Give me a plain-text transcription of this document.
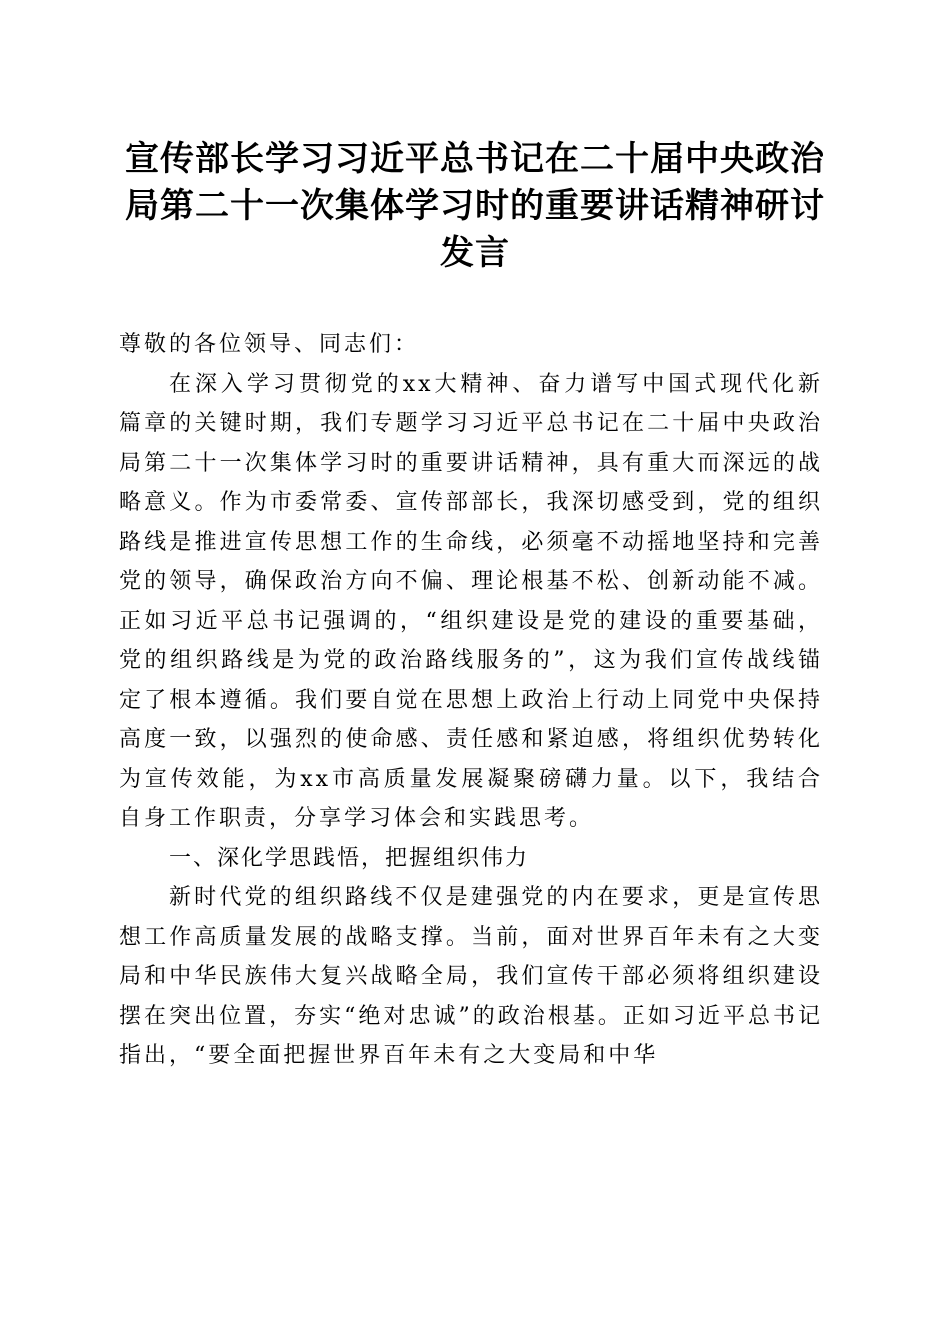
宣传部长学习习近平总书记在二十届中央政治
局第二十一次集体学习时的重要讲话精神研讨
发言

尊敬的各位领导、同志们：

在深入学习贯彻党的xx大精神、奋力谱写中国式现代化新篇章的关键时期，我们专题学习习近平总书记在二十届中央政治局第二十一次集体学习时的重要讲话精神，具有重大而深远的战略意义。作为市委常委、宣传部部长，我深切感受到，党的组织路线是推进宣传思想工作的生命线，必须毫不动摇地坚持和完善党的领导，确保政治方向不偏、理论根基不松、创新动能不减。正如习近平总书记强调的，“组织建设是党的建设的重要基础，党的组织路线是为党的政治路线服务的”，这为我们宣传战线锚定了根本遵循。我们要自觉在思想上政治上行动上同党中央保持高度一致，以强烈的使命感、责任感和紧迫感，将组织优势转化为宣传效能，为xx市高质量发展凝聚磅礴力量。以下，我结合自身工作职责，分享学习体会和实践思考。

一、深化学思践悟，把握组织伟力

新时代党的组织路线不仅是建强党的内在要求，更是宣传思想工作高质量发展的战略支撑。当前，面对世界百年未有之大变局和中华民族伟大复兴战略全局，我们宣传干部必须将组织建设摆在突出位置，夯实“绝对忠诚”的政治根基。正如习近平总书记指出，“要全面把握世界百年未有之大变局和中华
